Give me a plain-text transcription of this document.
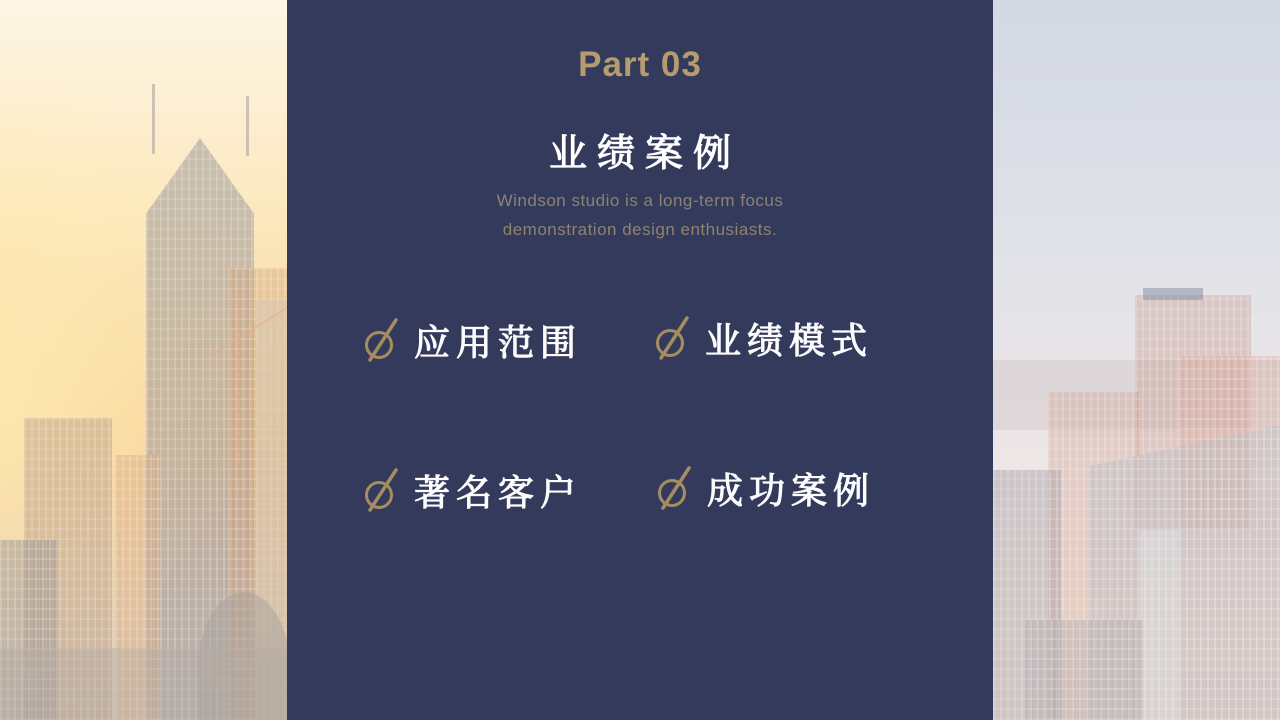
Part 03
业绩案例
Windson studio is a long-term focus
demonstration design enthusiasts.
应用范围	业绩模式
著名客户	成功案例
